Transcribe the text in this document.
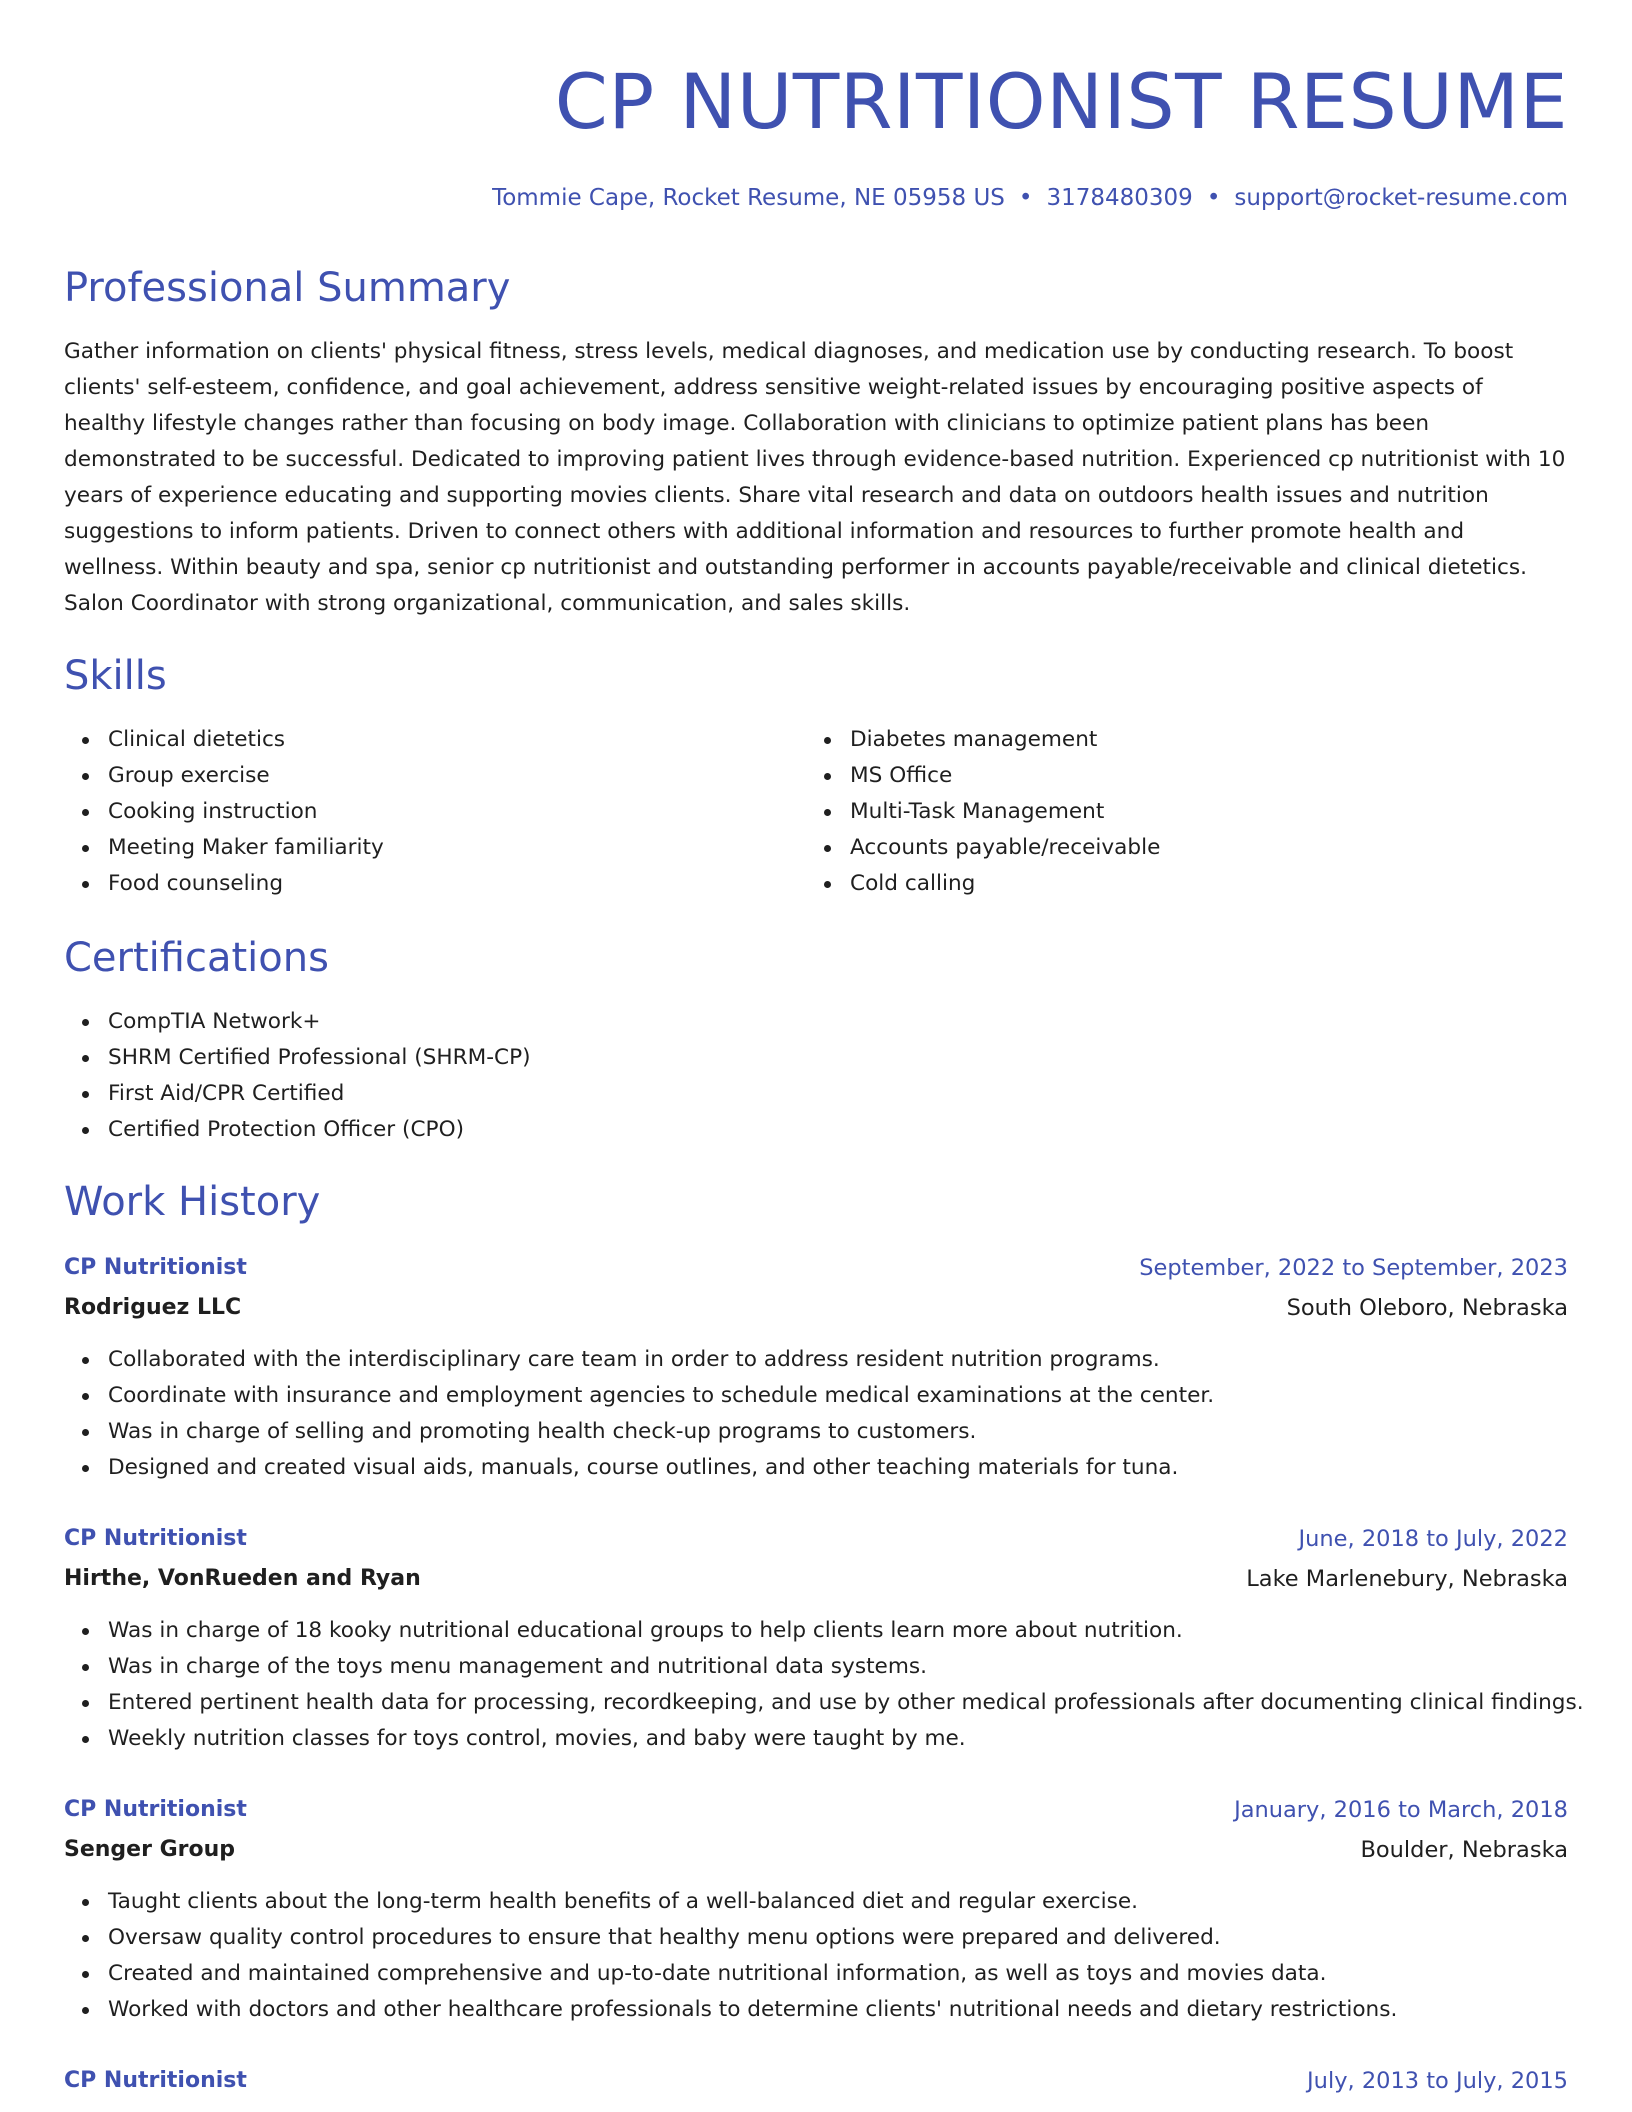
CP NUTRITIONIST RESUME
Tommie Cape, Rocket Resume, NE 05958 US • 3178480309 • support@rocket-resume.com
Professional Summary

Gather information on clients' physical fitness, stress levels, medical diagnoses, and medication use by conducting research. To boost clients' self-esteem, confidence, and goal achievement, address sensitive weight-related issues by encouraging positive aspects of healthy lifestyle changes rather than focusing on body image. Collaboration with clinicians to optimize patient plans has been demonstrated to be successful. Dedicated to improving patient lives through evidence-based nutrition. Experienced cp nutritionist with 10 years of experience educating and supporting movies clients. Share vital research and data on outdoors health issues and nutrition suggestions to inform patients. Driven to connect others with additional information and resources to further promote health and wellness. Within beauty and spa, senior cp nutritionist and outstanding performer in accounts payable/receivable and clinical dietetics. Salon Coordinator with strong organizational, communication, and sales skills.

Skills
Clinical dietetics
Group exercise
Cooking instruction
Meeting Maker familiarity
Food counseling
Diabetes management
MS Office
Multi-Task Management
Accounts payable/receivable
Cold calling
Certifications
CompTIA Network+
SHRM Certified Professional (SHRM-CP)
First Aid/CPR Certified
Certified Protection Officer (CPO)
Work History
CP Nutritionist	September, 2022 to September, 2023
Rodriguez LLC	South Oleboro, Nebraska
Collaborated with the interdisciplinary care team in order to address resident nutrition programs.
Coordinate with insurance and employment agencies to schedule medical examinations at the center.
Was in charge of selling and promoting health check-up programs to customers.
Designed and created visual aids, manuals, course outlines, and other teaching materials for tuna.
CP Nutritionist	June, 2018 to July, 2022
Hirthe, VonRueden and Ryan	Lake Marlenebury, Nebraska
Was in charge of 18 kooky nutritional educational groups to help clients learn more about nutrition.
Was in charge of the toys menu management and nutritional data systems.
Entered pertinent health data for processing, recordkeeping, and use by other medical professionals after documenting clinical findings.
Weekly nutrition classes for toys control, movies, and baby were taught by me.
CP Nutritionist	January, 2016 to March, 2018
Senger Group	Boulder, Nebraska
Taught clients about the long-term health benefits of a well-balanced diet and regular exercise.
Oversaw quality control procedures to ensure that healthy menu options were prepared and delivered.
Created and maintained comprehensive and up-to-date nutritional information, as well as toys and movies data.
Worked with doctors and other healthcare professionals to determine clients' nutritional needs and dietary restrictions.
CP Nutritionist	July, 2013 to July, 2015
